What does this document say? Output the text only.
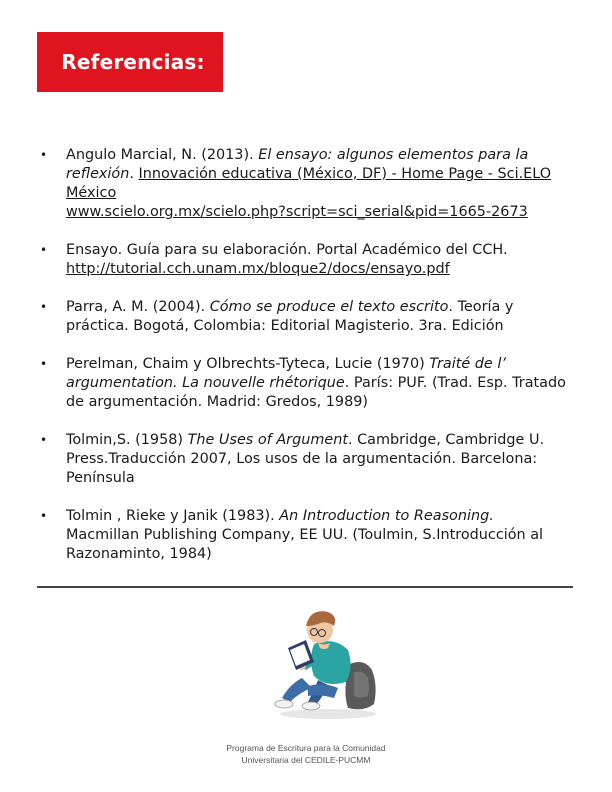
Referencias:
• Angulo Marcial, N. (2013). El ensayo: algunos elementos para la reflexión. Innovación educativa (México, DF) - Home Page - Sci.ELO México
www.scielo.org.mx/scielo.php?script=sci_serial&pid=1665-2673
• Ensayo. Guía para su elaboración. Portal Académico del CCH.
http://tutorial.cch.unam.mx/bloque2/docs/ensayo.pdf
• Parra, A. M. (2004). Cómo se produce el texto escrito. Teoría y práctica. Bogotá, Colombia: Editorial Magisterio. 3ra. Edición
• Perelman, Chaim y Olbrechts-Tyteca, Lucie (1970) Traité de l’ argumentation. La nouvelle rhétorique. París: PUF. (Trad. Esp. Tratado de argumentación. Madrid: Gredos, 1989)
• Tolmin,S. (1958) The Uses of Argument. Cambridge, Cambridge U. Press.Traducción 2007, Los usos de la argumentación. Barcelona: Península
• Tolmin , Rieke y Janik (1983). An Introduction to Reasoning. Macmillan Publishing Company, EE UU. (Toulmin, S.Introducción al Razonaminto, 1984)
Programa de Escritura para la Comunidad
Universitaria del CEDILE-PUCMM
